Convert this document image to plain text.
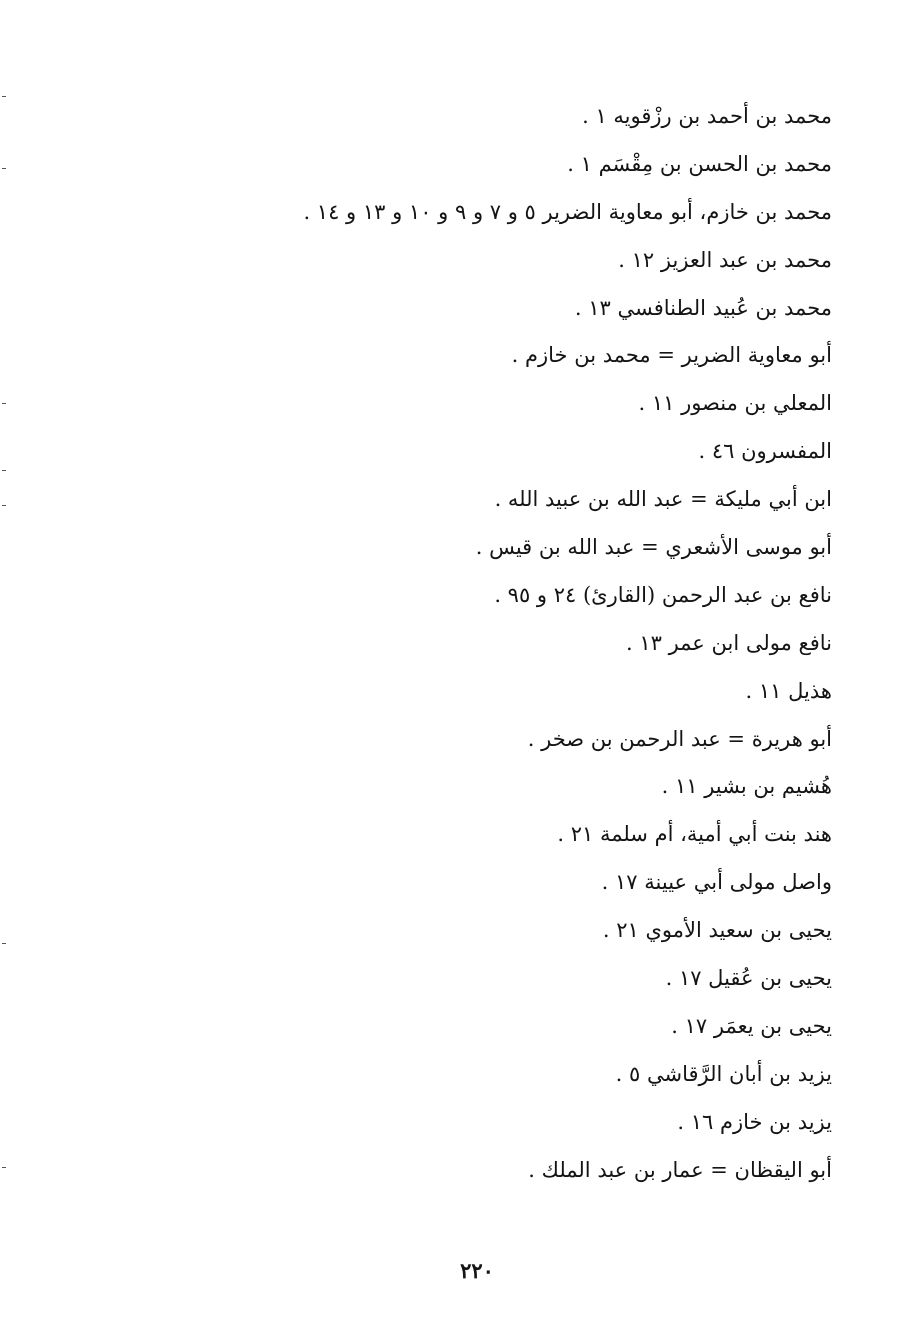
محمد بن أحمد بن رزْقويه ١ .
محمد بن الحسن بن مِقْسَم ١ .
محمد بن خازم، أبو معاوية الضرير ٥ و ٧ و ٩ و ١٠ و ١٣ و ١٤ .
محمد بن عبد العزيز ١٢ .
محمد بن عُبيد الطنافسي ١٣ .
أبو معاوية الضرير = محمد بن خازم .
المعلي بن منصور ١١ .
المفسرون ٤٦ .
ابن أبي مليكة = عبد الله بن عبيد الله .
أبو موسى الأشعري = عبد الله بن قيس .
نافع بن عبد الرحمن (القارئ) ٢٤ و ٩٥ .
نافع مولى ابن عمر ١٣ .
هذيل ١١ .
أبو هريرة = عبد الرحمن بن صخر .
هُشيم بن بشير ١١ .
هند بنت أبي أمية، أم سلمة ٢١ .
واصل مولى أبي عيينة ١٧ .
يحيى بن سعيد الأموي ٢١ .
يحيى بن عُقيل ١٧ .
يحيى بن يعمَر ١٧ .
يزيد بن أبان الرَّقاشي ٥ .
يزيد بن خازم ١٦ .
أبو اليقظان = عمار بن عبد الملك .
٢٢٠
